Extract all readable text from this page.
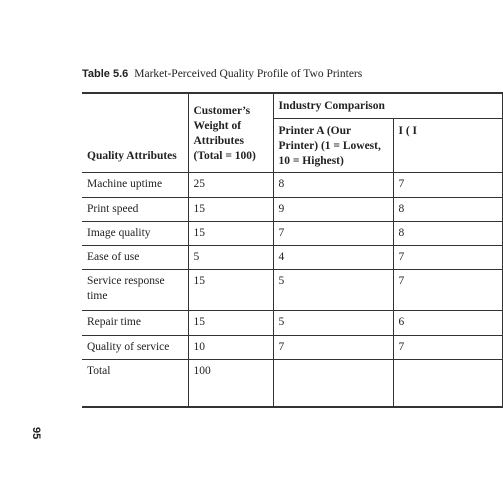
Table 5.6 Market-Perceived Quality Profile of Two Printers
Quality Attributes	Customer’s Weight of Attributes (Total = 100)	Industry Comparison	
		Printer A (Our Printer) (1 = Lowest, 10 = Highest)	I ( I
Machine uptime	25	8	7
Print speed	15	9	8
Image quality	15	7	8
Ease of use	5	4	7
Service response time	15	5	7
Repair time	15	5	6
Quality of service	10	7	7
Total	100		
95
